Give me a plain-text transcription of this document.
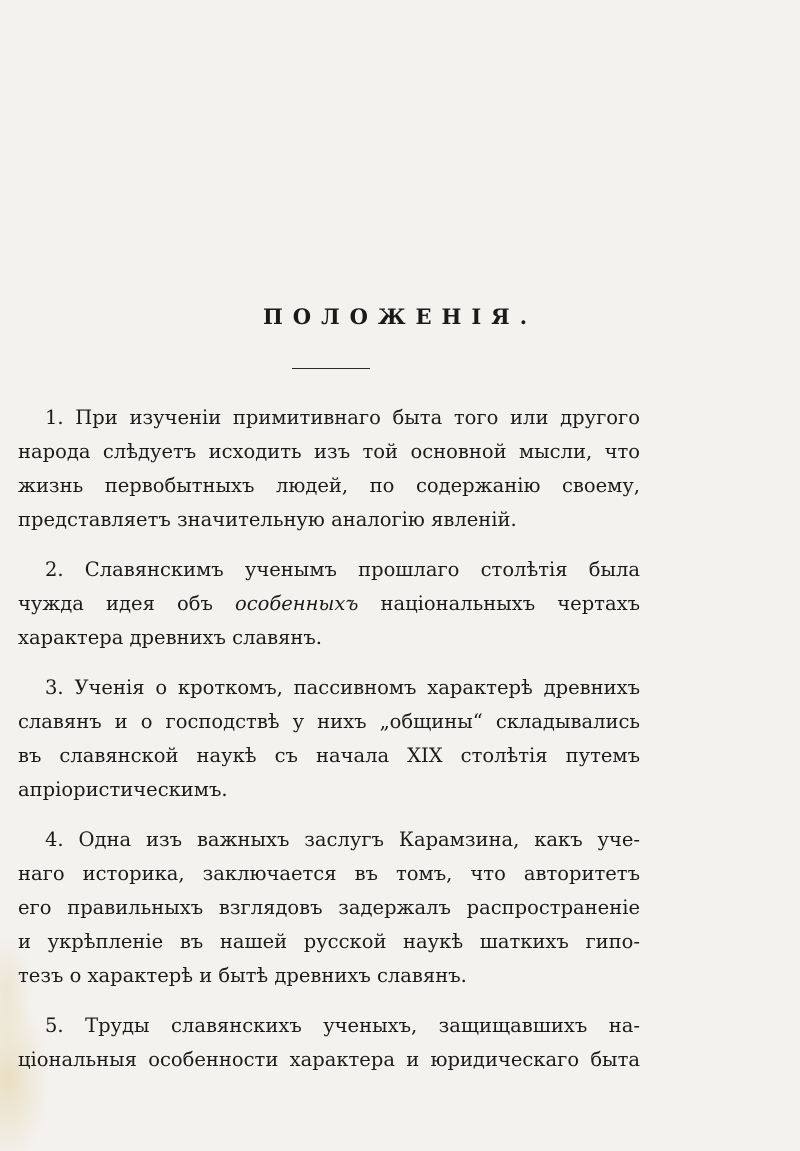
ПОЛОЖЕНІЯ.
1. При изученіи примитивнаго быта того или другого
народа слѣдуетъ исходить изъ той основной мысли, что
жизнь первобытныхъ людей, по содержанію своему,
представляетъ значительную аналогію явленій.
2. Славянскимъ ученымъ прошлаго столѣтія была
чужда идея объ особенныхъ національныхъ чертахъ
характера древнихъ славянъ.
3. Ученія о кроткомъ, пассивномъ характерѣ древнихъ
славянъ и о господствѣ у нихъ „общины“ складывались
въ славянской наукѣ съ начала XIX столѣтія путемъ
апріористическимъ.
4. Одна изъ важныхъ заслугъ Карамзина, какъ уче-
наго историка, заключается въ томъ, что авторитетъ
его правильныхъ взглядовъ задержалъ распространеніе
и укрѣпленіе въ нашей русской наукѣ шаткихъ гипо-
тезъ о характерѣ и бытѣ древнихъ славянъ.
5. Труды славянскихъ ученыхъ, защищавшихъ на-
ціональныя особенности характера и юридическаго быта
